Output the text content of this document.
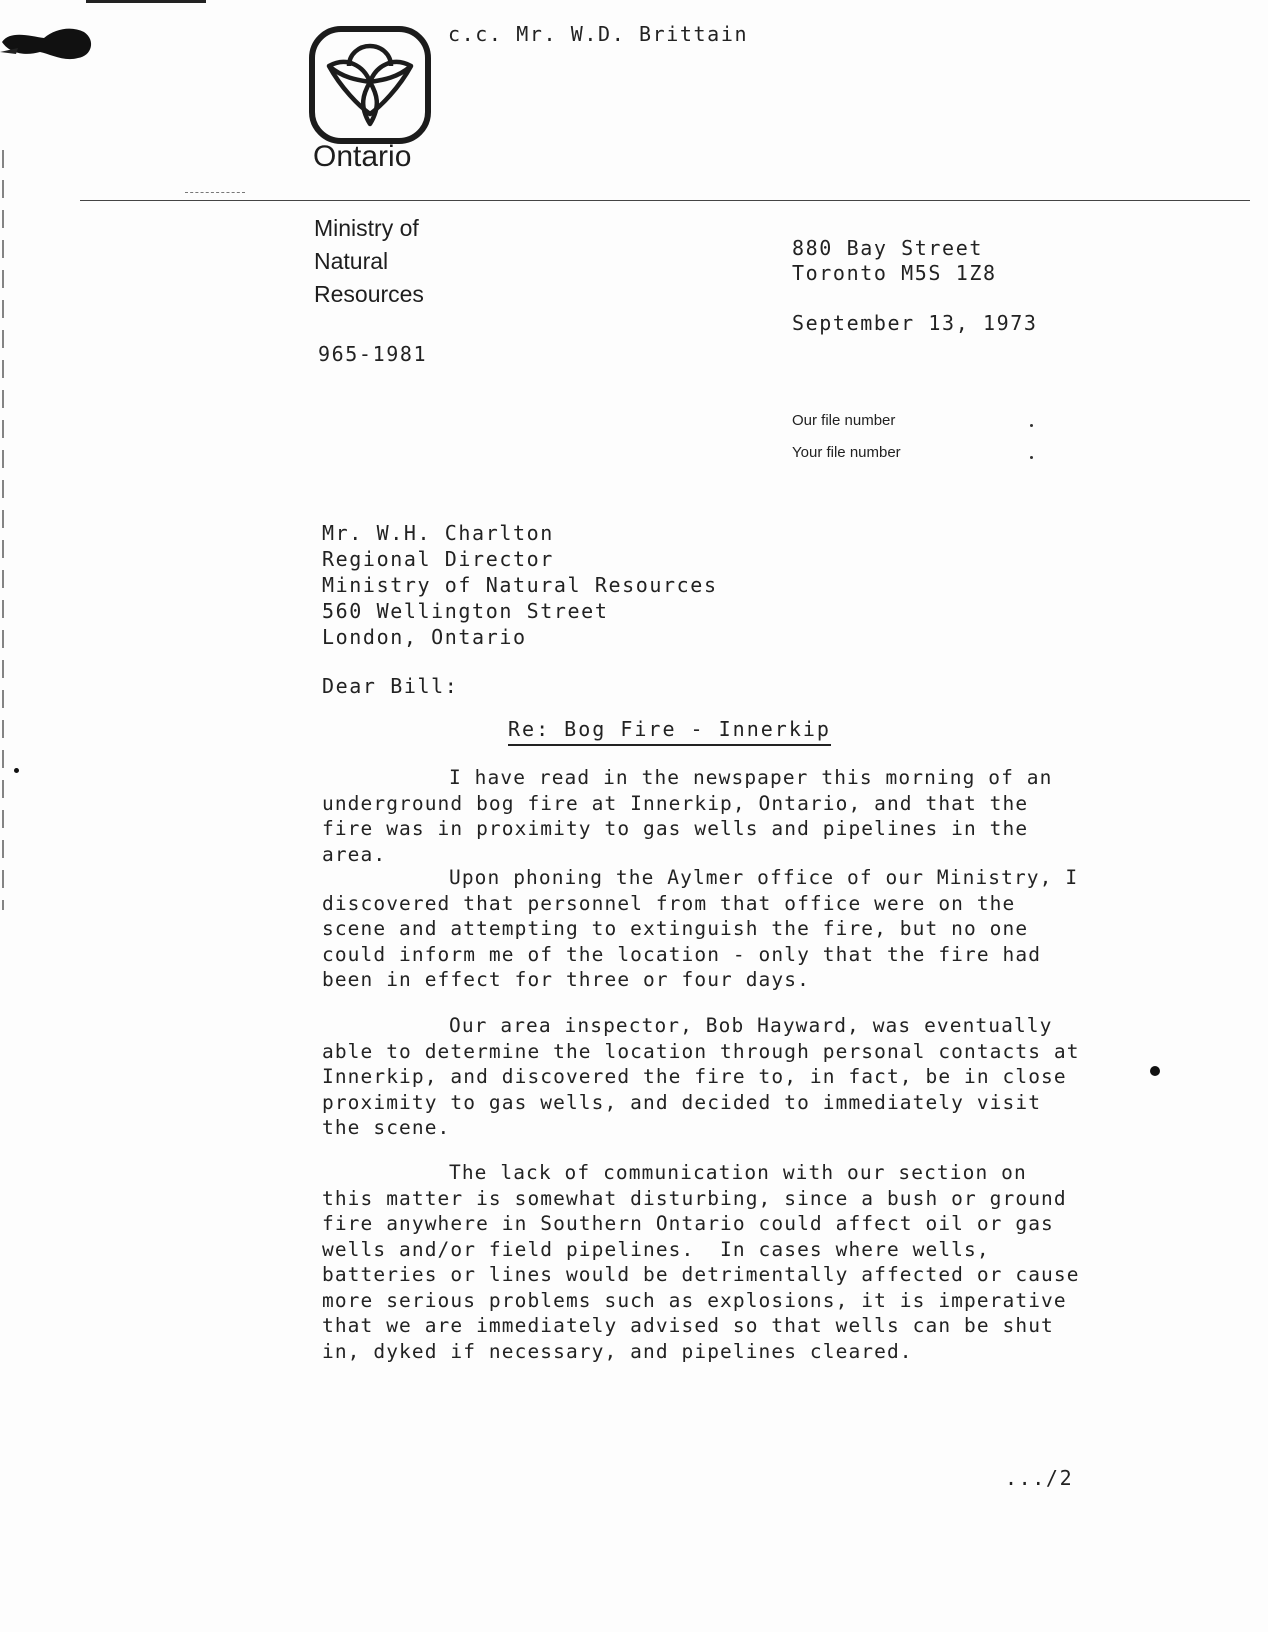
c.c. Mr. W.D. Brittain
Ontario
Ministry of
Natural
Resources
965-1981
880 Bay Street
Toronto M5S 1Z8
September 13, 1973
Our file number
Your file number
Mr. W.H. Charlton
Regional Director
Ministry of Natural Resources
560 Wellington Street
London, Ontario
Dear Bill:
Re: Bog Fire - Innerkip

I have read in the newspaper this morning of an underground bog fire at Innerkip, Ontario, and that the fire was in proximity to gas wells and pipelines in the area.

Upon phoning the Aylmer office of our Ministry, I discovered that personnel from that office were on the scene and attempting to extinguish the fire, but no one could inform me of the location - only that the fire had been in effect for three or four days.

Our area inspector, Bob Hayward, was eventually able to determine the location through personal contacts at Innerkip, and discovered the fire to, in fact, be in close proximity to gas wells, and decided to immediately visit the scene.

The lack of communication with our section on this matter is somewhat disturbing, since a bush or ground fire anywhere in Southern Ontario could affect oil or gas wells and/or field pipelines.  In cases where wells, batteries or lines would be detrimentally affected or cause more serious problems such as explosions, it is imperative that we are immediately advised so that wells can be shut in, dyked if necessary, and pipelines cleared.

.../2
